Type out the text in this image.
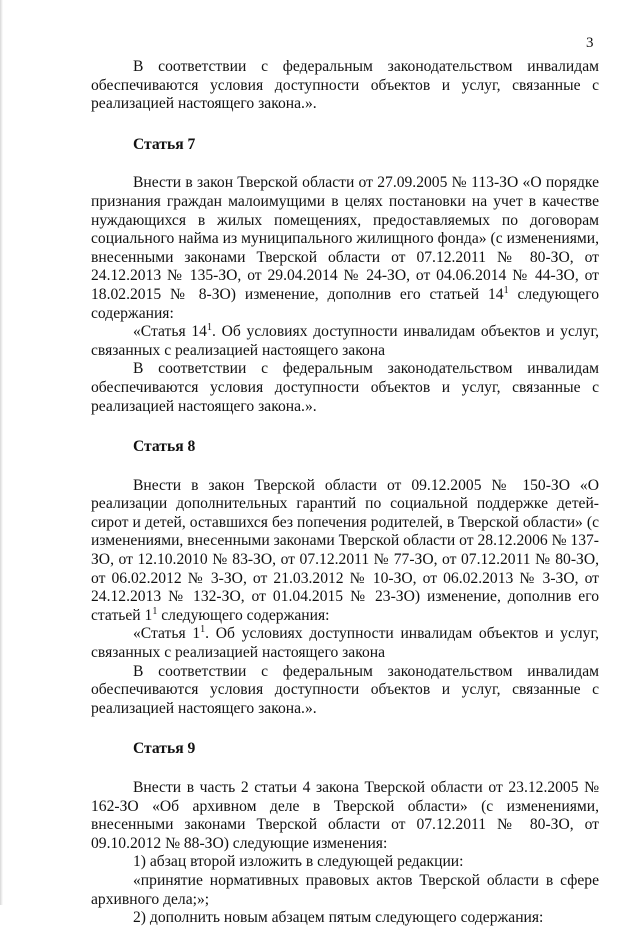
3

В соответствии с федеральным законодательством инвалидам обеспечиваются условия доступности объектов и услуг, связанные с реализацией настоящего закона.».

Статья 7

Внести в закон Тверской области от 27.09.2005 № 113-ЗО «О порядке признания граждан малоимущими в целях постановки на учет в качестве нуждающихся в жилых помещениях, предоставляемых по договорам социального найма из муниципального жилищного фонда» (с изменениями, внесенными законами Тверской области от 07.12.2011 № 80-ЗО, от 24.12.2013 № 135-ЗО, от 29.04.2014 № 24-ЗО, от 04.06.2014 № 44-ЗО, от 18.02.2015 № 8-ЗО) изменение, дополнив его статьей $14^1$ следующего содержания:

«Статья $14^1$. Об условиях доступности инвалидам объектов и услуг, связанных с реализацией настоящего закона

В соответствии с федеральным законодательством инвалидам обеспечиваются условия доступности объектов и услуг, связанные с реализацией настоящего закона.».

Статья 8

Внести в закон Тверской области от 09.12.2005 № 150-ЗО «О реализации дополнительных гарантий по социальной поддержке детей-сирот и детей, оставшихся без попечения родителей, в Тверской области» (с изменениями, внесенными законами Тверской области от 28.12.2006 № 137-ЗО, от 12.10.2010 № 83-ЗО, от 07.12.2011 № 77-ЗО, от 07.12.2011 № 80-ЗО, от 06.02.2012 № 3-ЗО, от 21.03.2012 № 10-ЗО, от 06.02.2013 № 3-ЗО, от 24.12.2013 № 132-ЗО, от 01.04.2015 № 23-ЗО) изменение, дополнив его статьей $1^1$ следующего содержания:

«Статья $1^1$. Об условиях доступности инвалидам объектов и услуг, связанных с реализацией настоящего закона

В соответствии с федеральным законодательством инвалидам обеспечиваются условия доступности объектов и услуг, связанные с реализацией настоящего закона.».

Статья 9

Внести в часть 2 статьи 4 закона Тверской области от 23.12.2005 № 162-ЗО «Об архивном деле в Тверской области» (с изменениями, внесенными законами Тверской области от 07.12.2011 № 80-ЗО, от 09.10.2012 № 88-ЗО) следующие изменения:

1) абзац второй изложить в следующей редакции:

«принятие нормативных правовых актов Тверской области в сфере архивного дела;»;

2) дополнить новым абзацем пятым следующего содержания:
